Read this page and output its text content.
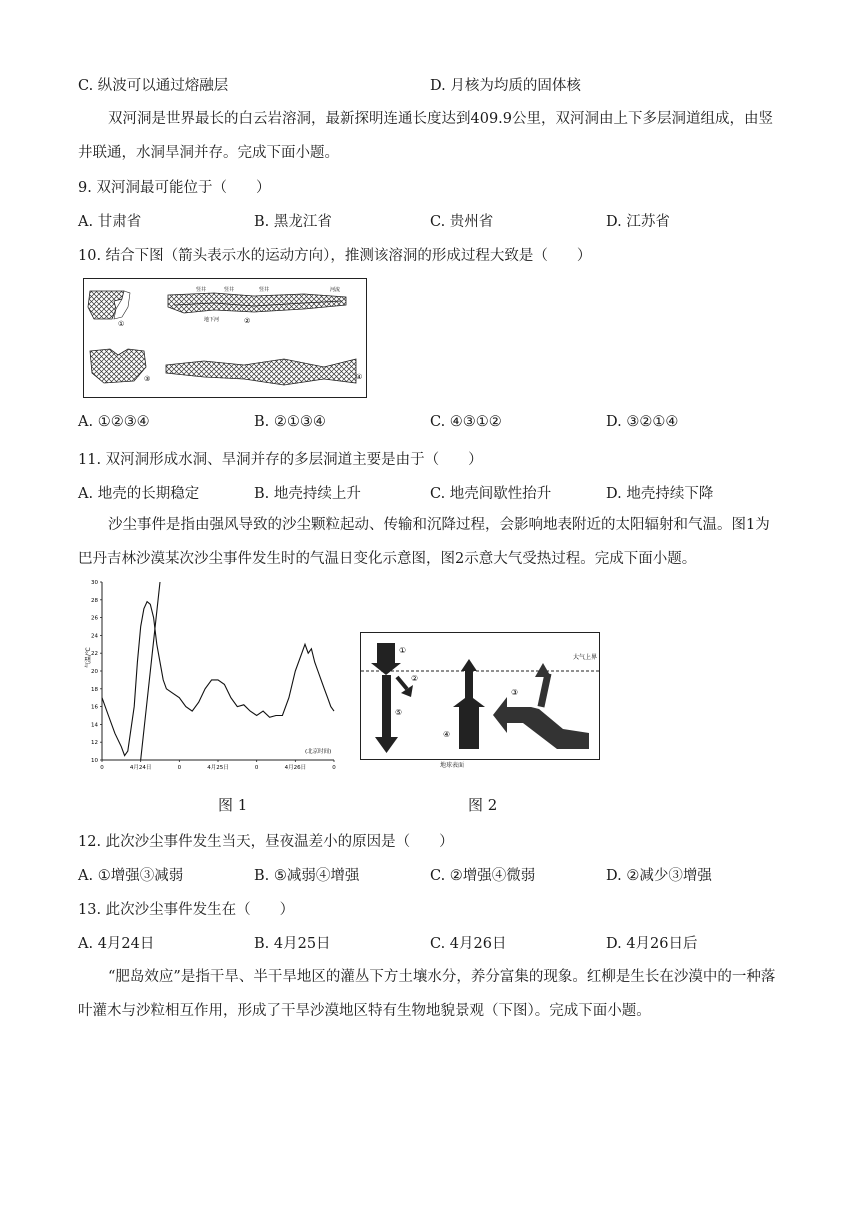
C. 纵波可以通过熔融层	D. 月核为均质的固体核
双河洞是世界最长的白云岩溶洞，最新探明连通长度达到409.9公里，双河洞由上下多层洞道组成，由竖井联通，水洞旱洞并存。完成下面小题。
9. 双河洞最可能位于（　　）
A. 甘肃省	B. 黑龙江省	C. 贵州省	D. 江苏省
10. 结合下图（箭头表示水的运动方向），推测该溶洞的形成过程大致是（　　）
①
竖井	竖井	竖井	河流
地下河	②
③	④
A. ①②③④	B. ②①③④	C. ④③①②	D. ③②①④
11. 双河洞形成水洞、旱洞并存的多层洞道主要是由于（　　）
A. 地壳的长期稳定	B. 地壳持续上升	C. 地壳间歇性抬升	D. 地壳持续下降
沙尘事件是指由强风导致的沙尘颗粒起动、传输和沉降过程，会影响地表附近的太阳辐射和气温。图1为巴丹吉林沙漠某次沙尘事件发生时的气温日变化示意图，图2示意大气受热过程。完成下面小题。
气温/℃
(北京时间)
10
12
14
16
18
20
22
24
26
28
30
0	4月24日	0	4月25日	0	4月26日	0
大气上界
①
⑤
②
④
③
地球表面
图 1	图 2
12. 此次沙尘事件发生当天，昼夜温差小的原因是（　　）
A. ①增强③减弱	B. ⑤减弱④增强	C. ②增强④微弱	D. ②减少③增强
13. 此次沙尘事件发生在（　　）
A. 4月24日	B. 4月25日	C. 4月26日	D. 4月26日后
“肥岛效应”是指干旱、半干旱地区的灌丛下方土壤水分，养分富集的现象。红柳是生长在沙漠中的一种落叶灌木与沙粒相互作用，形成了干旱沙漠地区特有生物地貌景观（下图）。完成下面小题。
